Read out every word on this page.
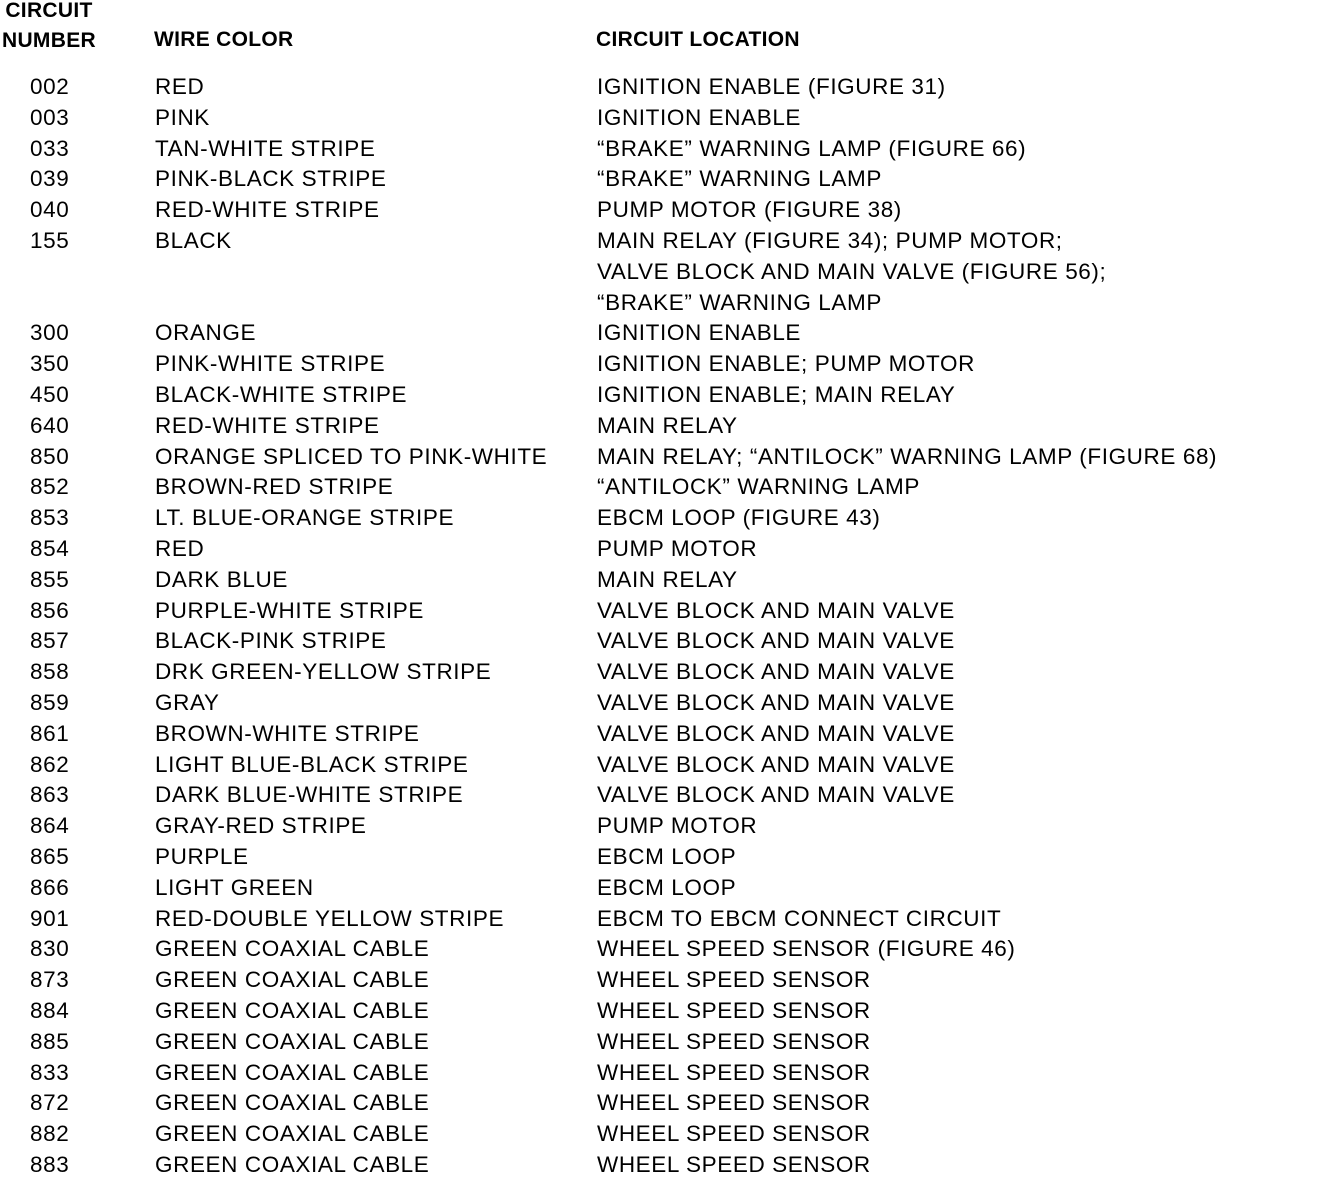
CIRCUIT
NUMBER	WIRE COLOR	CIRCUIT LOCATION
002	RED	IGNITION ENABLE (FIGURE 31)
003	PINK	IGNITION ENABLE
033	TAN-WHITE STRIPE	“BRAKE” WARNING LAMP (FIGURE 66)
039	PINK-BLACK STRIPE	“BRAKE” WARNING LAMP
040	RED-WHITE STRIPE	PUMP MOTOR (FIGURE 38)
155	BLACK	MAIN RELAY (FIGURE 34); PUMP MOTOR;
VALVE BLOCK AND MAIN VALVE (FIGURE 56);
“BRAKE” WARNING LAMP
300	ORANGE	IGNITION ENABLE
350	PINK-WHITE STRIPE	IGNITION ENABLE; PUMP MOTOR
450	BLACK-WHITE STRIPE	IGNITION ENABLE; MAIN RELAY
640	RED-WHITE STRIPE	MAIN RELAY
850	ORANGE SPLICED TO PINK-WHITE	MAIN RELAY; “ANTILOCK” WARNING LAMP (FIGURE 68)
852	BROWN-RED STRIPE	“ANTILOCK” WARNING LAMP
853	LT. BLUE-ORANGE STRIPE	EBCM LOOP (FIGURE 43)
854	RED	PUMP MOTOR
855	DARK BLUE	MAIN RELAY
856	PURPLE-WHITE STRIPE	VALVE BLOCK AND MAIN VALVE
857	BLACK-PINK STRIPE	VALVE BLOCK AND MAIN VALVE
858	DRK GREEN-YELLOW STRIPE	VALVE BLOCK AND MAIN VALVE
859	GRAY	VALVE BLOCK AND MAIN VALVE
861	BROWN-WHITE STRIPE	VALVE BLOCK AND MAIN VALVE
862	LIGHT BLUE-BLACK STRIPE	VALVE BLOCK AND MAIN VALVE
863	DARK BLUE-WHITE STRIPE	VALVE BLOCK AND MAIN VALVE
864	GRAY-RED STRIPE	PUMP MOTOR
865	PURPLE	EBCM LOOP
866	LIGHT GREEN	EBCM LOOP
901	RED-DOUBLE YELLOW STRIPE	EBCM TO EBCM CONNECT CIRCUIT
830	GREEN COAXIAL CABLE	WHEEL SPEED SENSOR (FIGURE 46)
873	GREEN COAXIAL CABLE	WHEEL SPEED SENSOR
884	GREEN COAXIAL CABLE	WHEEL SPEED SENSOR
885	GREEN COAXIAL CABLE	WHEEL SPEED SENSOR
833	GREEN COAXIAL CABLE	WHEEL SPEED SENSOR
872	GREEN COAXIAL CABLE	WHEEL SPEED SENSOR
882	GREEN COAXIAL CABLE	WHEEL SPEED SENSOR
883	GREEN COAXIAL CABLE	WHEEL SPEED SENSOR
